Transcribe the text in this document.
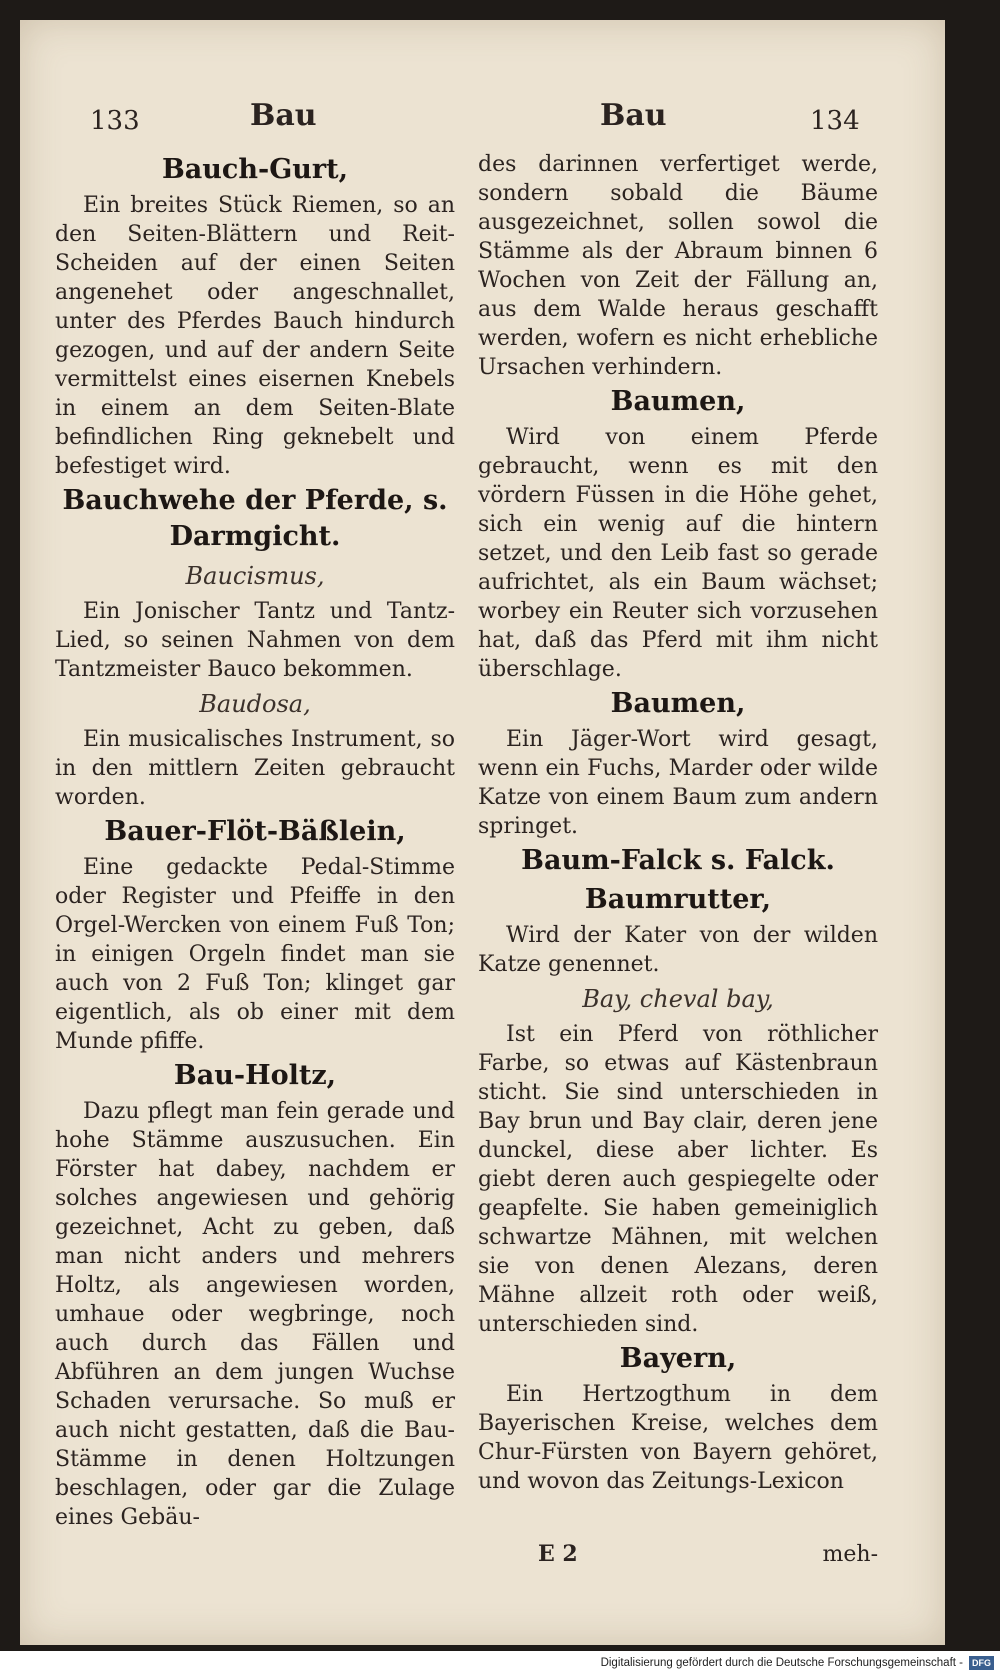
133	Bau	Bau	134
Bauch-Gurt,

Ein breites Stück Riemen, so an den Seiten-Blättern und Reit-Scheiden auf der einen Seiten angenehet oder angeschnallet, unter des Pferdes Bauch hindurch gezogen, und auf der andern Seite vermittelst eines eisernen Knebels in einem an dem Seiten-Blate befindlichen Ring geknebelt und befestiget wird.

Bauchwehe der Pferde, s. Darmgicht.
Baucismus,

Ein Jonischer Tantz und Tantz-Lied, so seinen Nahmen von dem Tantzmeister Bauco bekommen.

Baudosa,

Ein musicalisches Instrument, so in den mittlern Zeiten gebraucht worden.

Bauer-Flöt-Bäßlein,

Eine gedackte Pedal-Stimme oder Register und Pfeiffe in den Orgel-Wercken von einem Fuß Ton; in einigen Orgeln findet man sie auch von 2 Fuß Ton; klinget gar eigentlich, als ob einer mit dem Munde pfiffe.

Bau-Holtz,

Dazu pflegt man fein gerade und hohe Stämme auszusuchen. Ein Förster hat dabey, nachdem er solches angewiesen und gehörig gezeichnet, Acht zu geben, daß man nicht anders und mehrers Holtz, als angewiesen worden, umhaue oder wegbringe, noch auch durch das Fällen und Abführen an dem jungen Wuchse Schaden verursache. So muß er auch nicht gestatten, daß die Bau-Stämme in denen Holtzungen beschlagen, oder gar die Zulage eines Gebäu-

des darinnen verfertiget werde, sondern sobald die Bäume ausgezeichnet, sollen sowol die Stämme als der Abraum binnen 6 Wochen von Zeit der Fällung an, aus dem Walde heraus geschafft werden, wofern es nicht erhebliche Ursachen verhindern.

Baumen,

Wird von einem Pferde gebraucht, wenn es mit den vördern Füssen in die Höhe gehet, sich ein wenig auf die hintern setzet, und den Leib fast so gerade aufrichtet, als ein Baum wächset; worbey ein Reuter sich vorzusehen hat, daß das Pferd mit ihm nicht überschlage.

Baumen,

Ein Jäger-Wort wird gesagt, wenn ein Fuchs, Marder oder wilde Katze von einem Baum zum andern springet.

Baum-Falck s. Falck.
Baumrutter,

Wird der Kater von der wilden Katze genennet.

Bay, cheval bay,

Ist ein Pferd von röthlicher Farbe, so etwas auf Kästenbraun sticht. Sie sind unterschieden in Bay brun und Bay clair, deren jene dunckel, diese aber lichter. Es giebt deren auch gespiegelte oder geapfelte. Sie haben gemeiniglich schwartze Mähnen, mit welchen sie von denen Alezans, deren Mähne allzeit roth oder weiß, unterschieden sind.

Bayern,

Ein Hertzogthum in dem Bayerischen Kreise, welches dem Chur-Fürsten von Bayern gehöret, und wovon das Zeitungs-Lexicon

E 2	meh-
Digitalisierung gefördert durch die Deutsche Forschungsgemeinschaft - DFG
